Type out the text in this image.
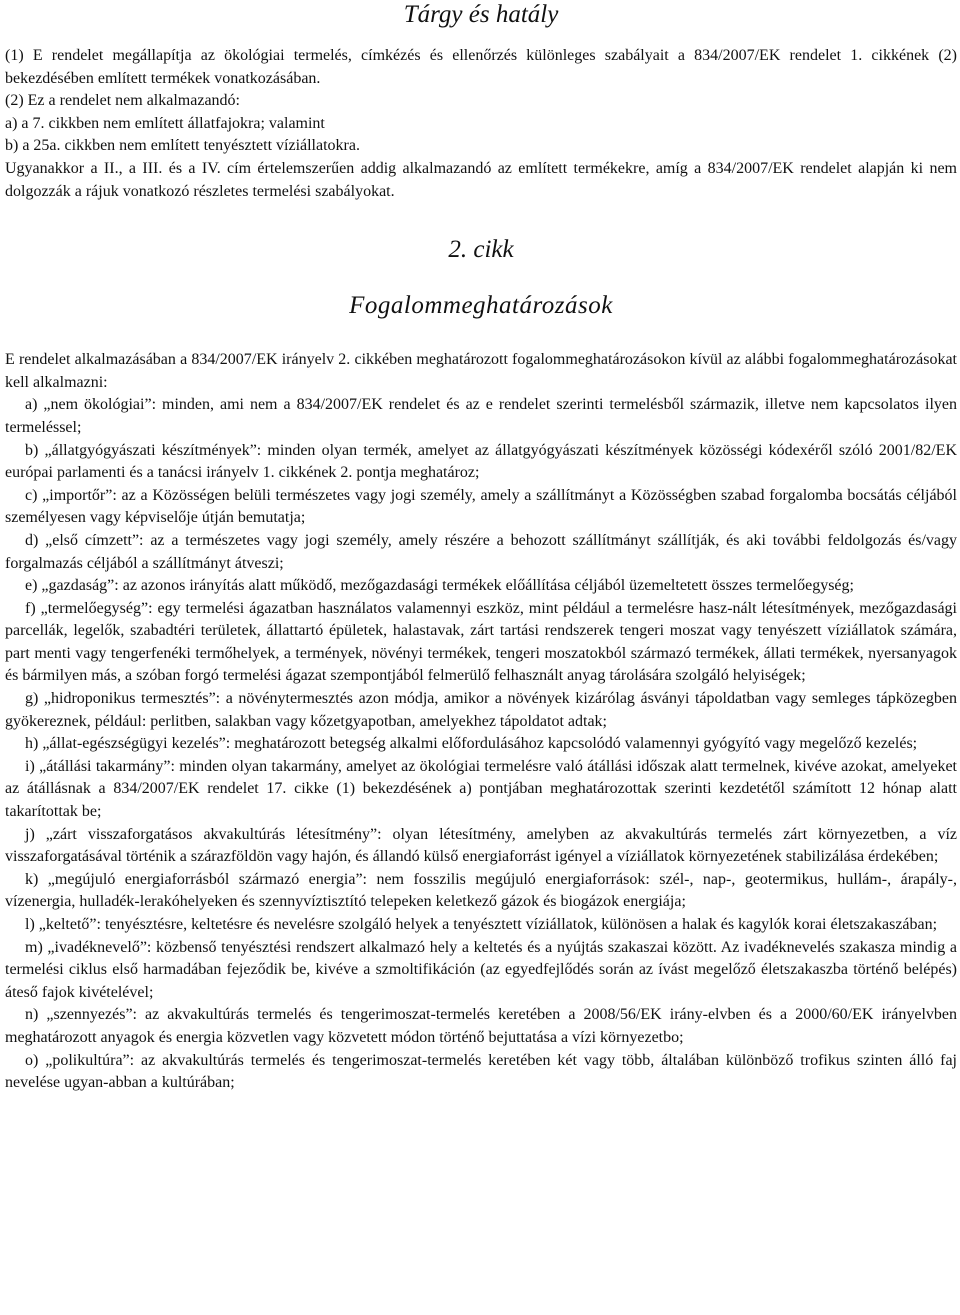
Tárgy és hatály

(1) E rendelet megállapítja az ökológiai termelés, címkézés és ellenőrzés különleges szabályait a 834/2007/EK rendelet 1. cikkének (2) bekezdésében említett termékek vonatkozásában.

(2) Ez a rendelet nem alkalmazandó:

a) a 7. cikkben nem említett állatfajokra; valamint

b) a 25a. cikkben nem említett tenyésztett víziállatokra.

Ugyanakkor a II., a III. és a IV. cím értelemszerűen addig alkalmazandó az említett termékekre, amíg a 834/2007/EK rendelet alapján ki nem dolgozzák a rájuk vonatkozó részletes termelési szabályokat.

2. cikk
Fogalommeghatározások

E rendelet alkalmazásában a 834/2007/EK irányelv 2. cikkében meghatározott fogalommeghatározásokon kívül az alábbi fogalommeghatározásokat kell alkalmazni:

a) „nem ökológiai”: minden, ami nem a 834/2007/EK rendelet és az e rendelet szerinti termelésből származik, illetve nem kapcsolatos ilyen termeléssel;

b) „állatgyógyászati készítmények”: minden olyan termék, amelyet az állatgyógyászati készítmények közösségi kódexéről szóló 2001/82/EK európai parlamenti és a tanácsi irányelv 1. cikkének 2. pontja meghatároz;

c) „importőr”: az a Közösségen belüli természetes vagy jogi személy, amely a szállítmányt a Közösségben szabad forgalomba bocsátás céljából személyesen vagy képviselője útján bemutatja;

d) „első címzett”: az a természetes vagy jogi személy, amely részére a behozott szállítmányt szállítják, és aki további feldolgozás és/vagy forgalmazás céljából a szállítmányt átveszi;

e) „gazdaság”: az azonos irányítás alatt működő, mezőgazdasági termékek előállítása céljából üzemeltetett összes termelőegység;

f) „termelőegység”: egy termelési ágazatban használatos valamennyi eszköz, mint például a termelésre hasz-nált létesítmények, mezőgazdasági parcellák, legelők, szabadtéri területek, állattartó épületek, halastavak, zárt tartási rendszerek tengeri moszat vagy tenyészett víziállatok számára, part menti vagy tengerfenéki termőhelyek, a termények, növényi termékek, tengeri moszatokból származó termékek, állati termékek, nyersanyagok és bármilyen más, a szóban forgó termelési ágazat szempontjából felmerülő felhasznált anyag tárolására szolgáló helyiségek;

g) „hidroponikus termesztés”: a növénytermesztés azon módja, amikor a növények kizárólag ásványi tápoldatban vagy semleges tápközegben gyökereznek, például: perlitben, salakban vagy kőzetgyapotban, amelyekhez tápoldatot adtak;

h) „állat-egészségügyi kezelés”: meghatározott betegség alkalmi előfordulásához kapcsolódó valamennyi gyógyító vagy megelőző kezelés;

i) „átállási takarmány”: minden olyan takarmány, amelyet az ökológiai termelésre való átállási időszak alatt termelnek, kivéve azokat, amelyeket az átállásnak a 834/2007/EK rendelet 17. cikke (1) bekezdésének a) pontjában meghatározottak szerinti kezdetétől számított 12 hónap alatt takarítottak be;

j) „zárt visszaforgatásos akvakultúrás létesítmény”: olyan létesítmény, amelyben az akvakultúrás termelés zárt környezetben, a víz visszaforgatásával történik a szárazföldön vagy hajón, és állandó külső energiaforrást igényel a víziállatok környezetének stabilizálása érdekében;

k) „megújuló energiaforrásból származó energia”: nem fosszilis megújuló energiaforrások: szél-, nap-, geotermikus, hullám-, árapály-, vízenergia, hulladék-lerakóhelyeken és szennyvíztisztító telepeken keletkező gázok és biogázok energiája;

l) „keltető”: tenyésztésre, keltetésre és nevelésre szolgáló helyek a tenyésztett víziállatok, különösen a halak és kagylók korai életszakaszában;

m) „ivadéknevelő”: közbenső tenyésztési rendszert alkalmazó hely a keltetés és a nyújtás szakaszai között. Az ivadéknevelés szakasza mindig a termelési ciklus első harmadában fejeződik be, kivéve a szmoltifikáción (az egyedfejlődés során az ívást megelőző életszakaszba történő belépés) áteső fajok kivételével;

n) „szennyezés”: az akvakultúrás termelés és tengerimoszat-termelés keretében a 2008/56/EK irány-elvben és a 2000/60/EK irányelvben meghatározott anyagok és energia közvetlen vagy közvetett módon történő bejuttatása a vízi környezetbo;

o) „polikultúra”: az akvakultúrás termelés és tengerimoszat-termelés keretében két vagy több, általában különböző trofikus szinten álló faj nevelése ugyan-abban a kultúrában;
